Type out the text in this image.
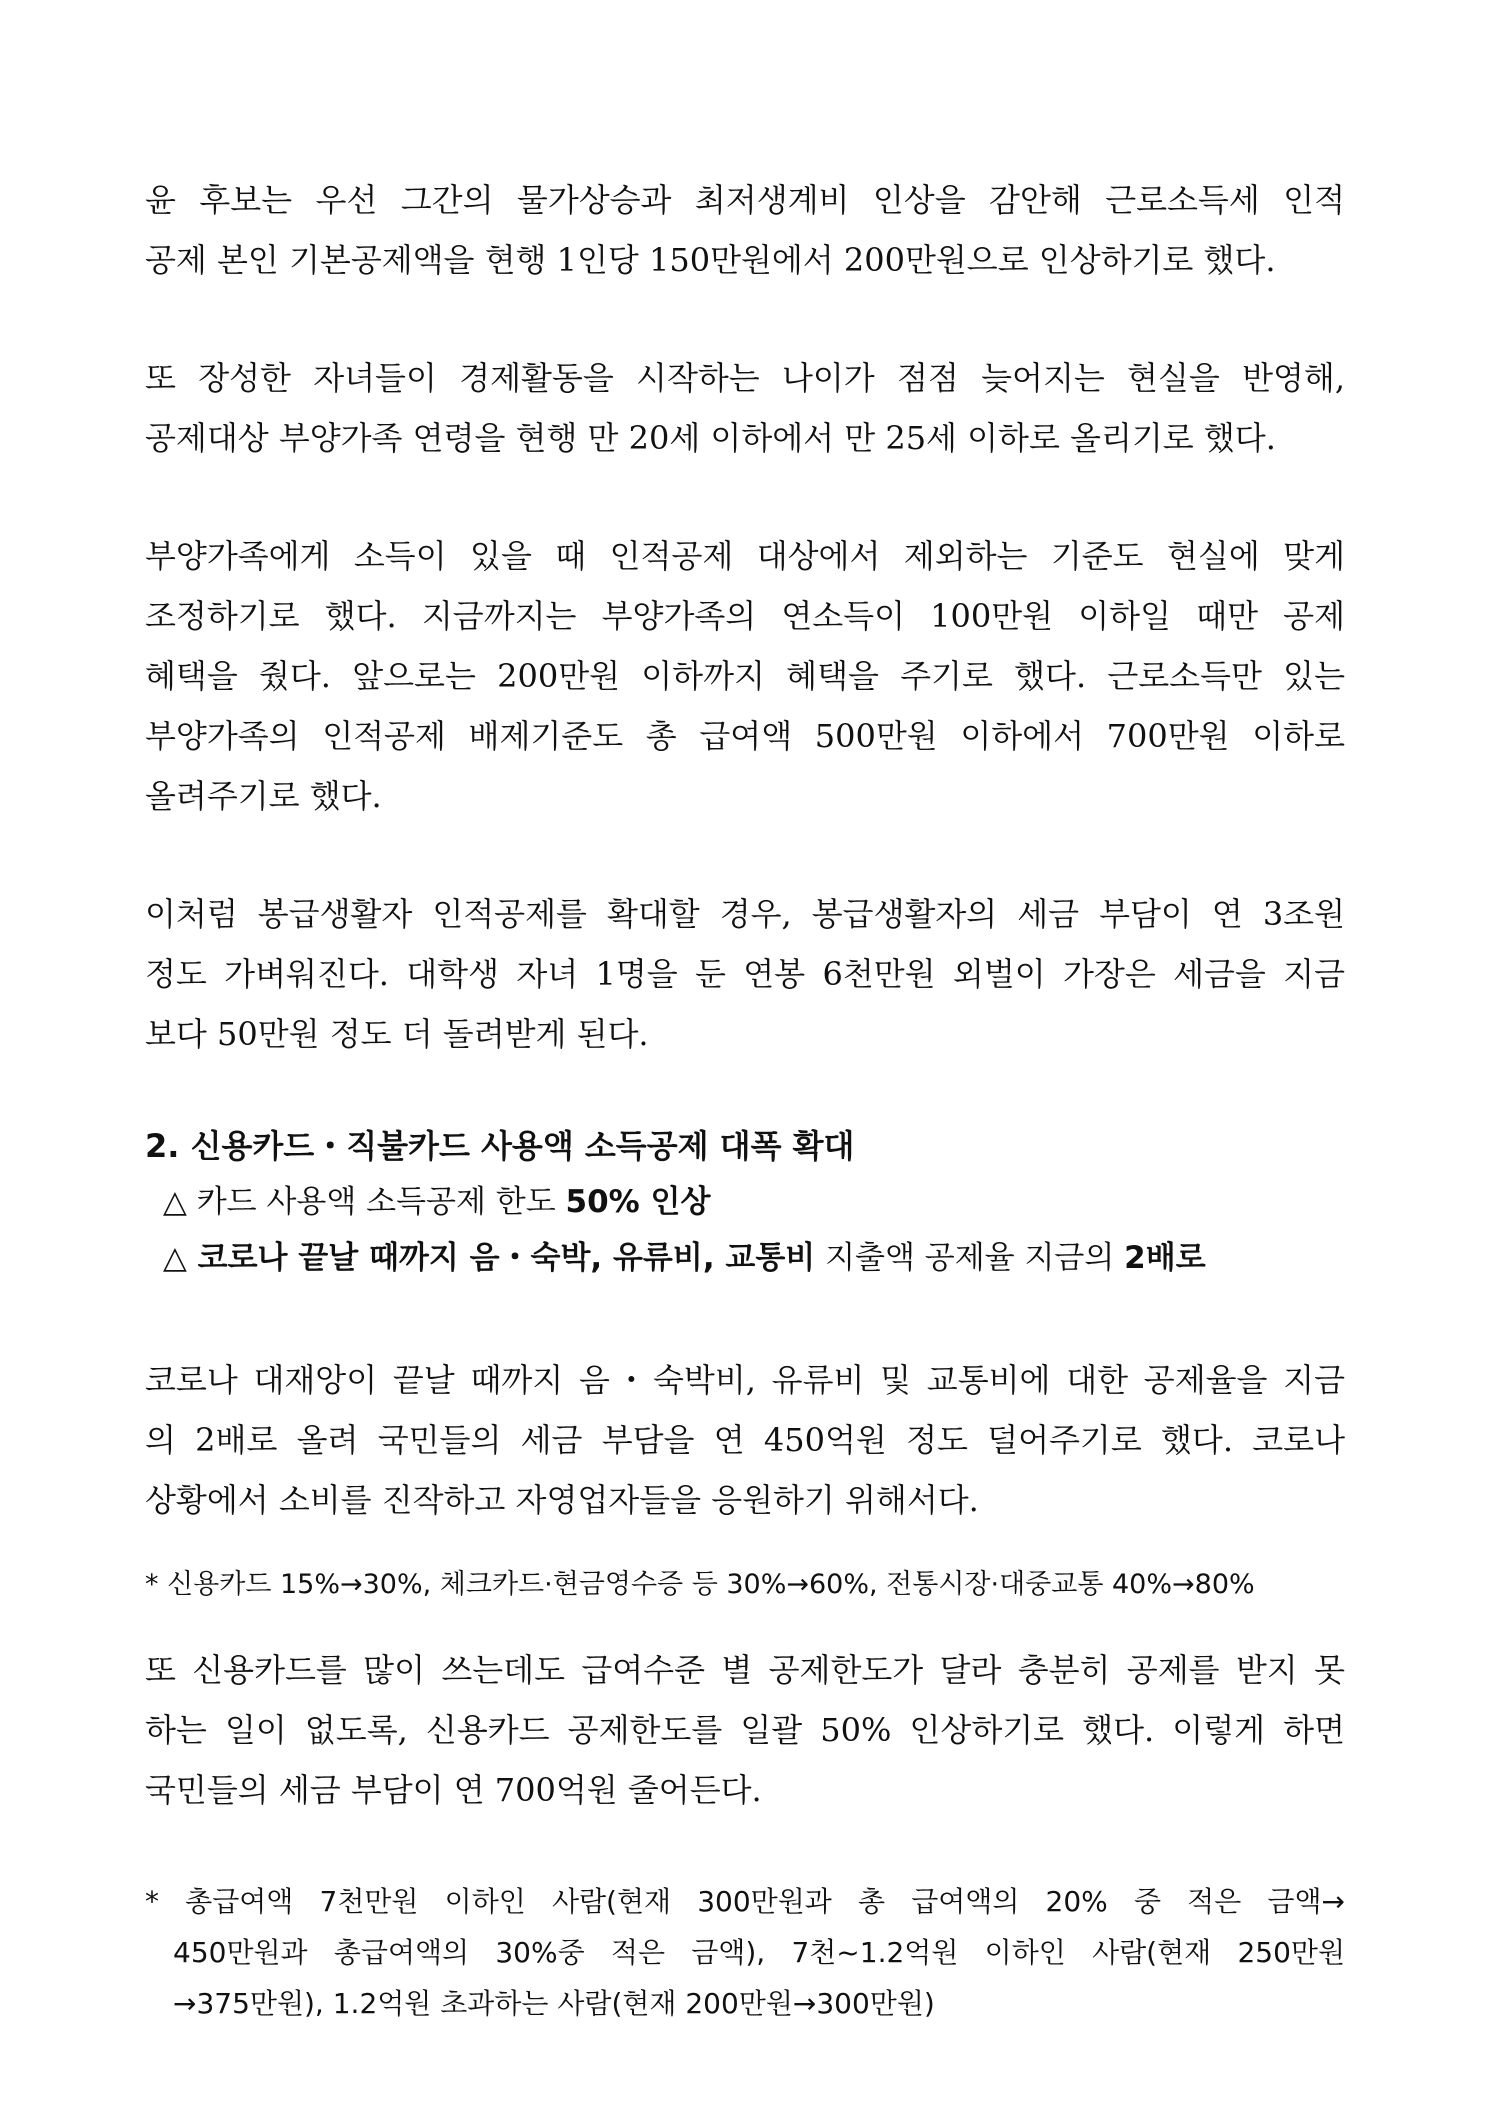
윤 후보는 우선 그간의 물가상승과 최저생계비 인상을 감안해 근로소득세 인적
공제 본인 기본공제액을 현행 1인당 150만원에서 200만원으로 인상하기로 했다.

또 장성한 자녀들이 경제활동을 시작하는 나이가 점점 늦어지는 현실을 반영해,
공제대상 부양가족 연령을 현행 만 20세 이하에서 만 25세 이하로 올리기로 했다.

부양가족에게 소득이 있을 때 인적공제 대상에서 제외하는 기준도 현실에 맞게
조정하기로 했다. 지금까지는 부양가족의 연소득이 100만원 이하일 때만 공제
혜택을 줬다. 앞으로는 200만원 이하까지 혜택을 주기로 했다. 근로소득만 있는
부양가족의 인적공제 배제기준도 총 급여액 500만원 이하에서 700만원 이하로
올려주기로 했다.

이처럼 봉급생활자 인적공제를 확대할 경우, 봉급생활자의 세금 부담이 연 3조원
정도 가벼워진다. 대학생 자녀 1명을 둔 연봉 6천만원 외벌이 가장은 세금을 지금
보다 50만원 정도 더 돌려받게 된다.

2. 신용카드・직불카드 사용액 소득공제 대폭 확대

△ 카드 사용액 소득공제 한도 50% 인상

△ 코로나 끝날 때까지 음・숙박, 유류비, 교통비 지출액 공제율 지금의 2배로

코로나 대재앙이 끝날 때까지 음・숙박비, 유류비 및 교통비에 대한 공제율을 지금
의 2배로 올려 국민들의 세금 부담을 연 450억원 정도 덜어주기로 했다. 코로나
상황에서 소비를 진작하고 자영업자들을 응원하기 위해서다.

* 신용카드 15%→30%, 체크카드·현금영수증 등 30%→60%, 전통시장·대중교통 40%→80%

또 신용카드를 많이 쓰는데도 급여수준 별 공제한도가 달라 충분히 공제를 받지 못
하는 일이 없도록, 신용카드 공제한도를 일괄 50% 인상하기로 했다. 이렇게 하면
국민들의 세금 부담이 연 700억원 줄어든다.

* 총급여액 7천만원 이하인 사람(현재 300만원과 총 급여액의 20% 중 적은 금액→
450만원과 총급여액의 30%중 적은 금액), 7천~1.2억원 이하인 사람(현재 250만원
→375만원), 1.2억원 초과하는 사람(현재 200만원→300만원)
